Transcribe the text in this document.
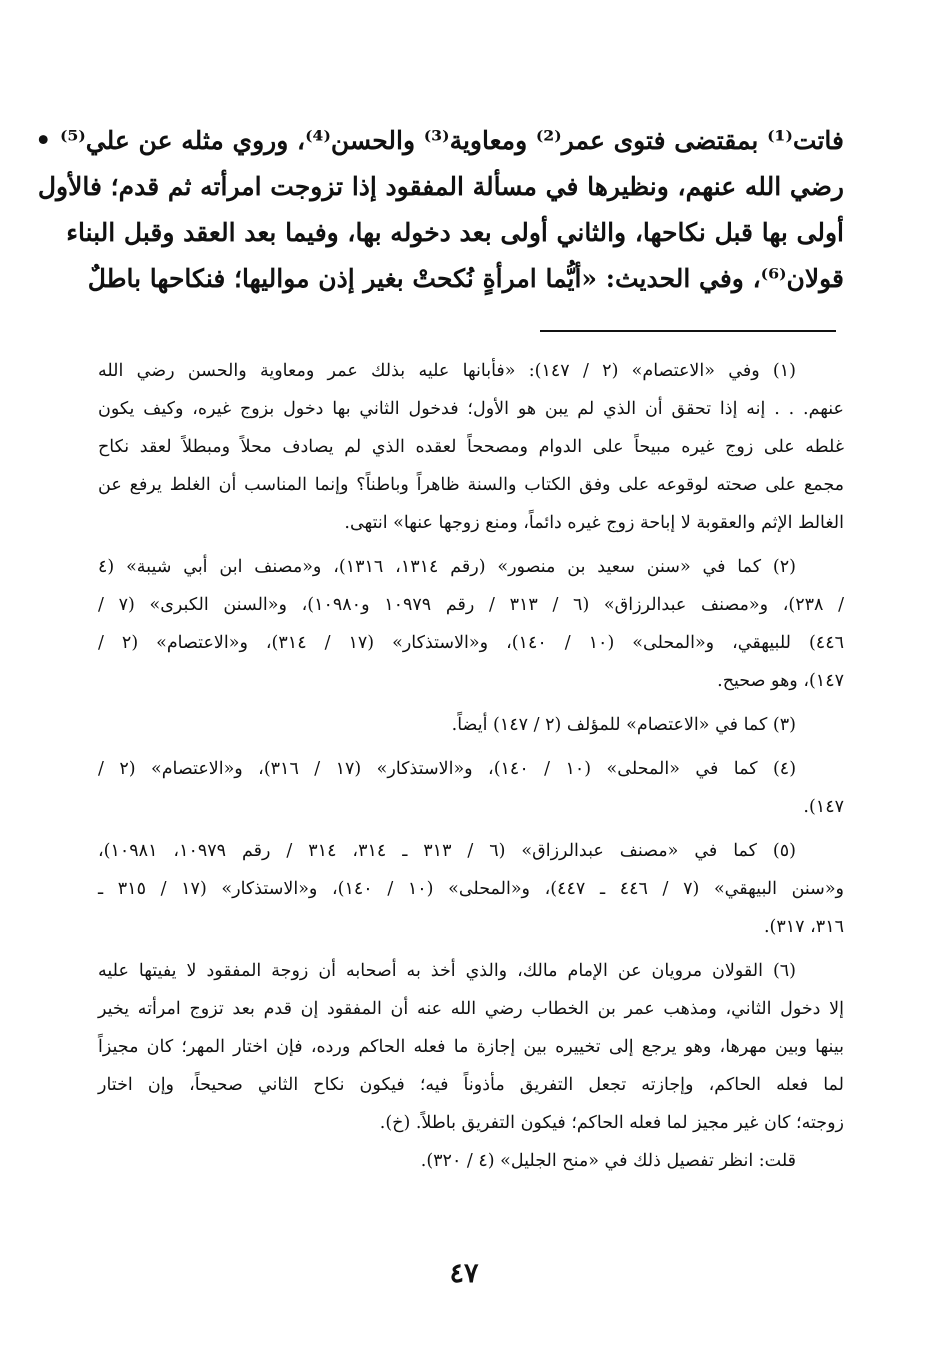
فاتت⁽¹⁾ بمقتضى فتوى عمر⁽²⁾ ومعاوية⁽³⁾ والحسن⁽⁴⁾، وروي مثله عن علي⁽⁵⁾ •
رضي الله عنهم، ونظيرها في مسألة المفقود إذا تزوجت امرأته ثم قدم؛ فالأول
أولى بها قبل نكاحها، والثاني أولى بعد دخوله بها، وفيما بعد العقد وقبل البناء
قولان⁽⁶⁾، وفي الحديث: «أيُّما امرأةٍ نُكحتْ بغير إذن مواليها؛ فنكاحها باطلٌ
(١) وفي «الاعتصام» (٢ / ١٤٧): «فأبانها عليه بذلك عمر ومعاوية والحسن رضي الله
عنهم. . . إنه إذا تحقق أن الذي لم يبن هو الأول؛ فدخول الثاني بها دخول بزوج غيره، وكيف يكون
غلطه على زوج غيره مبيحاً على الدوام ومصححاً لعقده الذي لم يصادف محلاً ومبطلاً لعقد نكاح
مجمع على صحته لوقوعه على وفق الكتاب والسنة ظاهراً وباطناً؟ وإنما المناسب أن الغلط يرفع عن
الغالط الإثم والعقوبة لا إباحة زوج غيره دائماً، ومنع زوجها عنها» انتهى.
(٢) كما في «سنن سعيد بن منصور» (رقم ١٣١٤، ١٣١٦)، و«مصنف ابن أبي شيبة» (٤
/ ٢٣٨)، و«مصنف عبدالرزاق» (٦ / ٣١٣ / رقم ١٠٩٧٩ و١٠٩٨٠)، و«السنن الكبرى» (٧ /
٤٤٦) للبيهقي، و«المحلى» (١٠ / ١٤٠)، و«الاستذكار» (١٧ / ٣١٤)، و«الاعتصام» (٢ /
١٤٧)، وهو صحيح.
(٣) كما في «الاعتصام» للمؤلف (٢ / ١٤٧) أيضاً.
(٤) كما في «المحلى» (١٠ / ١٤٠)، و«الاستذكار» (١٧ / ٣١٦)، و«الاعتصام» (٢ /
١٤٧).
(٥) كما في «مصنف عبدالرزاق» (٦ / ٣١٣ ـ ٣١٤، ٣١٤ / رقم ١٠٩٧٩، ١٠٩٨١)،
و«سنن البيهقي» (٧ / ٤٤٦ ـ ٤٤٧)، و«المحلى» (١٠ / ١٤٠)، و«الاستذكار» (١٧ / ٣١٥ ـ
٣١٦، ٣١٧).
(٦) القولان مرويان عن الإمام مالك، والذي أخذ به أصحابه أن زوجة المفقود لا يفيتها عليه
إلا دخول الثاني، ومذهب عمر بن الخطاب رضي الله عنه أن المفقود إن قدم بعد تزوج امرأته يخير
بينها وبين مهرها، وهو يرجع إلى تخييره بين إجازة ما فعله الحاكم ورده، فإن اختار المهر؛ كان مجيزاً
لما فعله الحاكم، وإجازته تجعل التفريق مأذوناً فيه؛ فيكون نكاح الثاني صحيحاً، وإن اختار
زوجته؛ كان غير مجيز لما فعله الحاكم؛ فيكون التفريق باطلاً. (خ).
قلت: انظر تفصيل ذلك في «منح الجليل» (٤ / ٣٢٠).
٤٧
